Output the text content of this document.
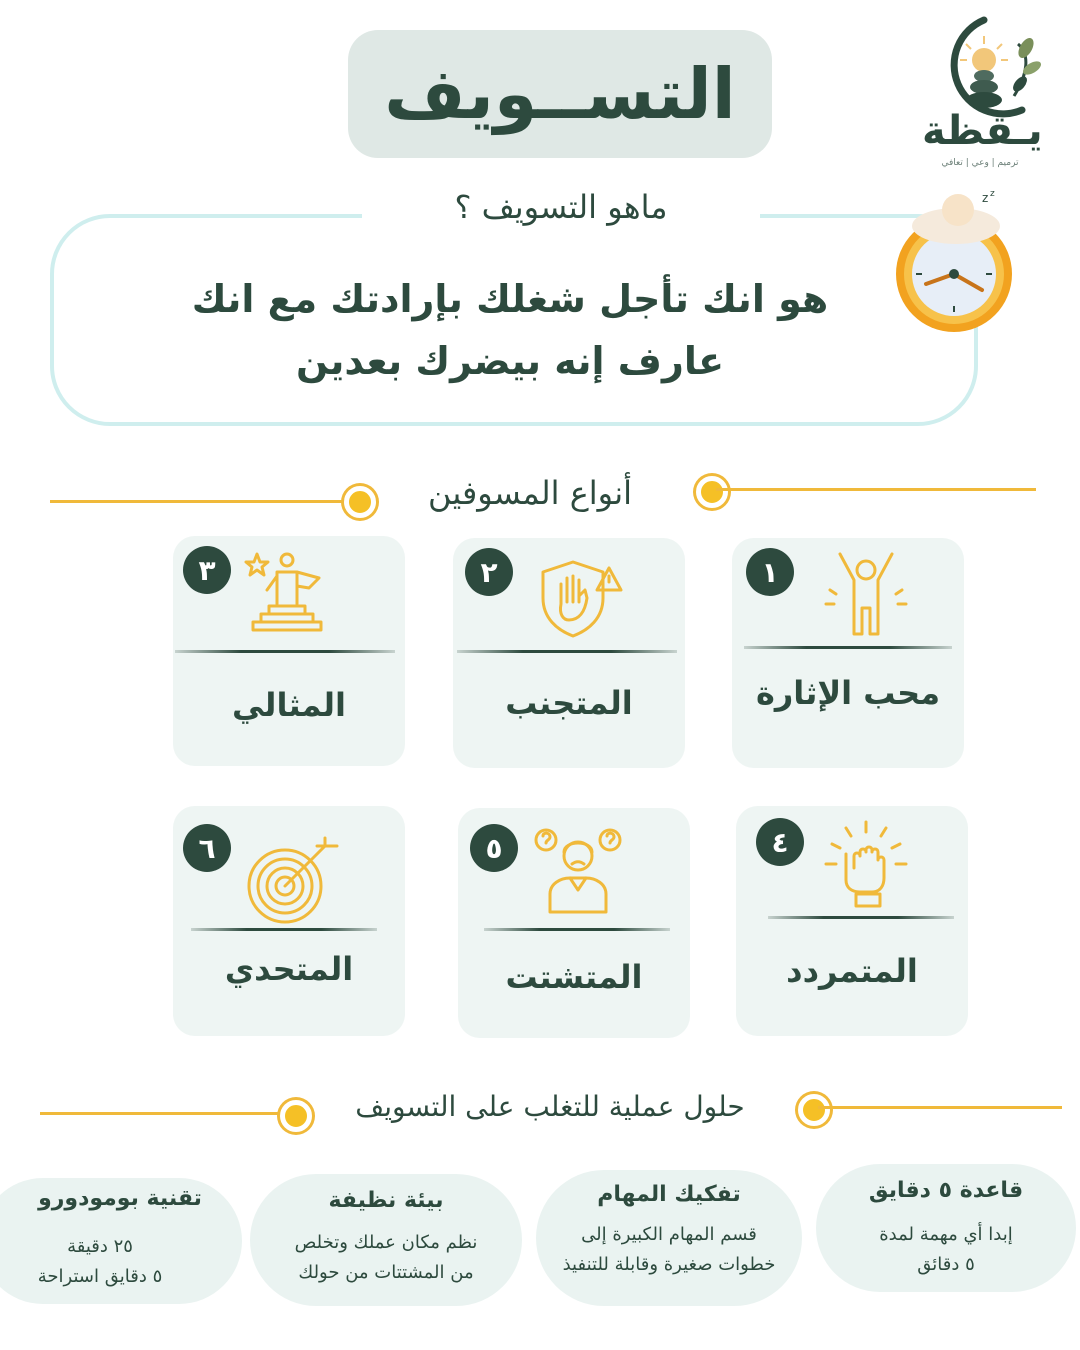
التســويف	يـقظة
ترميم | وعي | تعافي
ماهو التسويف ؟
هو انك تأجل شغلك بإرادتك مع انك
عارف إنه بيضرك بعدين
z z
أنواع المسوفين
١
محب الإثارة
٢
المتجنب
٣
المثالي
٤
المتمردد
٥
المتشتت
٦
المتحدي
حلول عملية للتغلب على التسويف
قاعدة ٥ دقايق
إبدا أي مهمة لمدة
٥ دقائق
تفكيك المهام
قسم المهام الكبيرة إلى
خطوات صغيرة وقابلة للتنفيذ
بيئة نظيفة
نظم مكان عملك وتخلص
من المشتتات من حولك
تقنية بومودورو
٢٥ دقيقة
٥ دقايق استراحة
